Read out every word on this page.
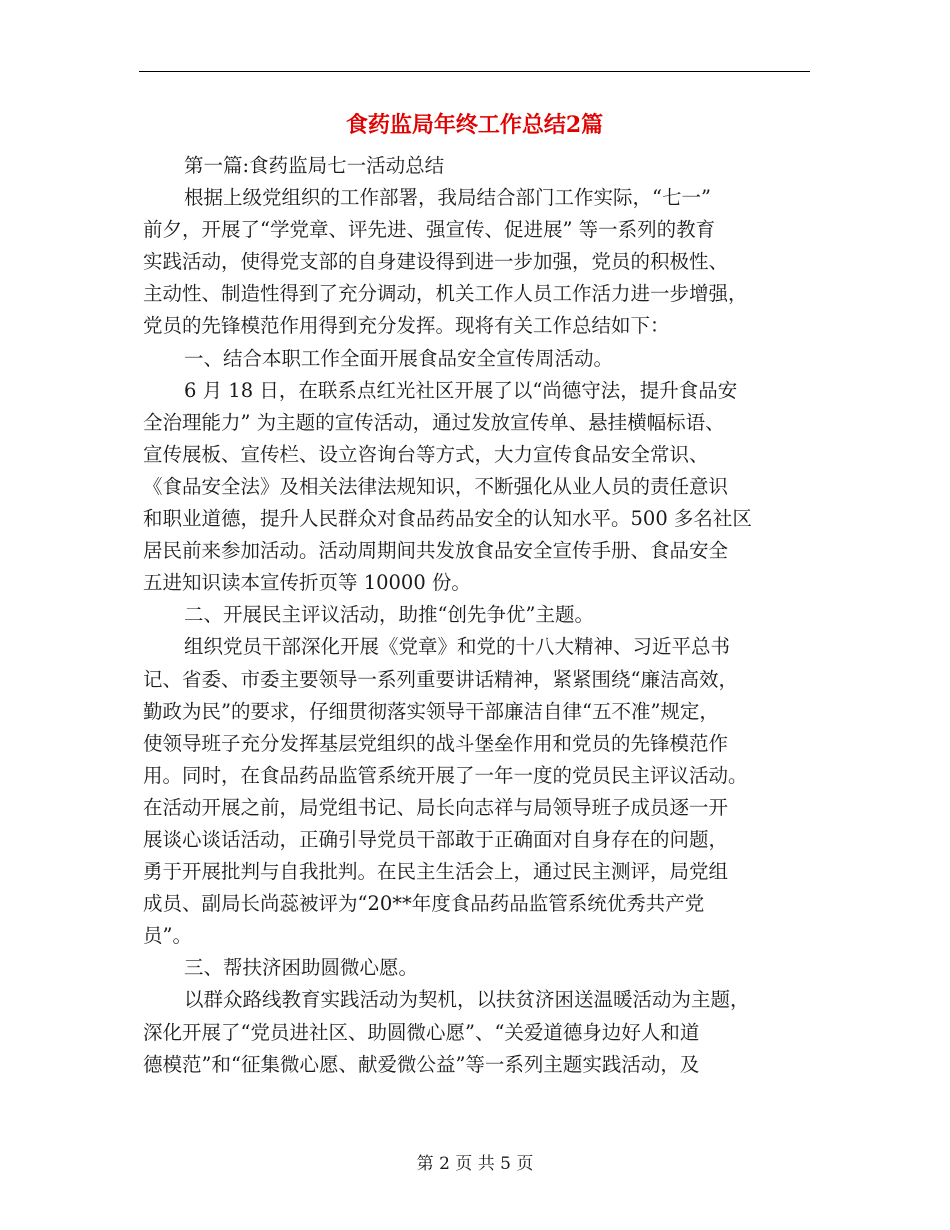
食药监局年终工作总结2篇
第一篇:食药监局七一活动总结
根据上级党组织的工作部署，我局结合部门工作实际，“七一”
前夕，开展了“学党章、评先进、强宣传、促进展” 等一系列的教育
实践活动，使得党支部的自身建设得到进一步加强，党员的积极性、
主动性、制造性得到了充分调动，机关工作人员工作活力进一步增强，
党员的先锋模范作用得到充分发挥。现将有关工作总结如下：
一、结合本职工作全面开展食品安全宣传周活动。
6 月 18 日，在联系点红光社区开展了以“尚德守法，提升食品安
全治理能力” 为主题的宣传活动，通过发放宣传单、悬挂横幅标语、
宣传展板、宣传栏、设立咨询台等方式，大力宣传食品安全常识、
《食品安全法》及相关法律法规知识，不断强化从业人员的责任意识
和职业道德，提升人民群众对食品药品安全的认知水平。500 多名社区
居民前来参加活动。活动周期间共发放食品安全宣传手册、食品安全
五进知识读本宣传折页等 10000 份。
二、开展民主评议活动，助推“创先争优”主题。
组织党员干部深化开展《党章》和党的十八大精神、习近平总书
记、省委、市委主要领导一系列重要讲话精神，紧紧围绕“廉洁高效，
勤政为民”的要求，仔细贯彻落实领导干部廉洁自律“五不准”规定，
使领导班子充分发挥基层党组织的战斗堡垒作用和党员的先锋模范作
用。同时，在食品药品监管系统开展了一年一度的党员民主评议活动。
在活动开展之前，局党组书记、局长向志祥与局领导班子成员逐一开
展谈心谈话活动，正确引导党员干部敢于正确面对自身存在的问题，
勇于开展批判与自我批判。在民主生活会上，通过民主测评，局党组
成员、副局长尚蕊被评为“20**年度食品药品监管系统优秀共产党
员”。
三、帮扶济困助圆微心愿。
以群众路线教育实践活动为契机，以扶贫济困送温暖活动为主题，
深化开展了“党员进社区、助圆微心愿”、“关爱道德身边好人和道
德模范”和“征集微心愿、献爱微公益”等一系列主题实践活动，及
第 2 页 共 5 页
